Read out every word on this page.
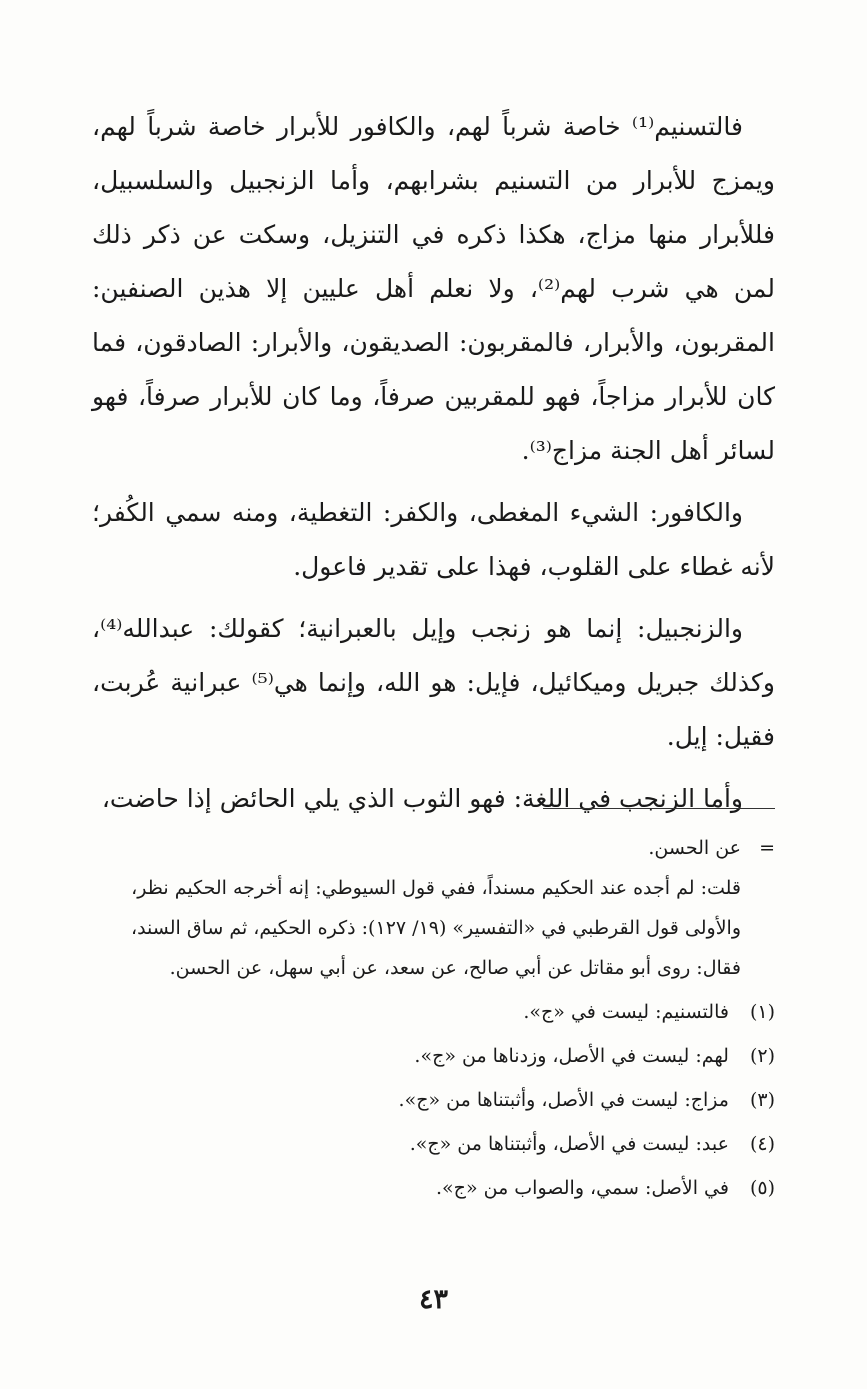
فالتسنيم⁽¹⁾ خاصة شرباً لهم، والكافور للأبرار خاصة شرباً لهم، ويمزج للأبرار من التسنيم بشرابهم، وأما الزنجبيل والسلسبيل، فللأبرار منها مزاج، هكذا ذكره في التنزيل، وسكت عن ذكر ذلك لمن هي شرب لهم⁽²⁾، ولا نعلم أهل عليين إلا هذين الصنفين: المقربون، والأبرار، فالمقربون: الصديقون، والأبرار: الصادقون، فما كان للأبرار مزاجاً، فهو للمقربين صرفاً، وما كان للأبرار صرفاً، فهو لسائر أهل الجنة مزاج⁽³⁾.

والكافور: الشيء المغطى، والكفر: التغطية، ومنه سمي الكُفر؛ لأنه غطاء على القلوب، فهذا على تقدير فاعول.

والزنجبيل: إنما هو زنجب وإيل بالعبرانية؛ كقولك: عبدالله⁽⁴⁾، وكذلك جبريل وميكائيل، فإيل: هو الله، وإنما هي⁽⁵⁾ عبرانية عُربت، فقيل: إيل.

وأما الزنجب في اللغة: فهو الثوب الذي يلي الحائض إذا حاضت،

=عن الحسن.
قلت: لم أجده عند الحكيم مسنداً، ففي قول السيوطي: إنه أخرجه الحكيم نظر،
والأولى قول القرطبي في «التفسير» (١٩/ ١٢٧): ذكره الحكيم، ثم ساق السند،
فقال: روى أبو مقاتل عن أبي صالح، عن سعد، عن أبي سهل، عن الحسن.
(١) فالتسنيم: ليست في «ج».
(٢) لهم: ليست في الأصل، وزدناها من «ج».
(٣) مزاج: ليست في الأصل، وأثبتناها من «ج».
(٤) عبد: ليست في الأصل، وأثبتناها من «ج».
(٥) في الأصل: سمي، والصواب من «ج».
٤٣
